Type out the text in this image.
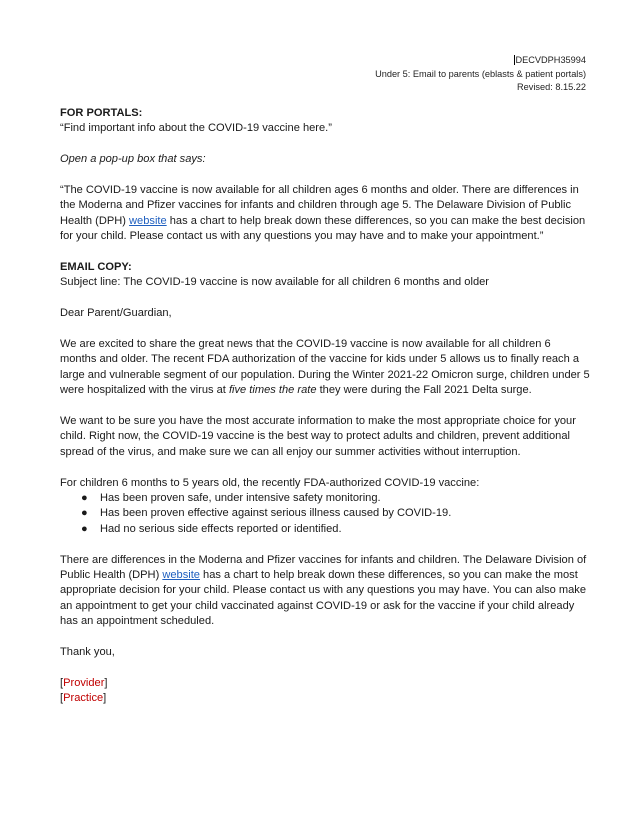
DECVDPH35994
Under 5: Email to parents (eblasts & patient portals)
Revised: 8.15.22

FOR PORTALS:

“Find important info about the COVID-19 vaccine here.”

Open a pop-up box that says:

“The COVID-19 vaccine is now available for all children ages 6 months and older. There are differences in the Moderna and Pfizer vaccines for infants and children through age 5. The Delaware Division of Public Health (DPH) website has a chart to help break down these differences, so you can make the best decision for your child. Please contact us with any questions you may have and to make your appointment.”

EMAIL COPY:

Subject line: The COVID-19 vaccine is now available for all children 6 months and older

Dear Parent/Guardian,

We are excited to share the great news that the COVID-19 vaccine is now available for all children 6 months and older. The recent FDA authorization of the vaccine for kids under 5 allows us to finally reach a large and vulnerable segment of our population. During the Winter 2021-22 Omicron surge, children under 5 were hospitalized with the virus at five times the rate they were during the Fall 2021 Delta surge.

We want to be sure you have the most accurate information to make the most appropriate choice for your child. Right now, the COVID-19 vaccine is the best way to protect adults and children, prevent additional spread of the virus, and make sure we can all enjoy our summer activities without interruption.

For children 6 months to 5 years old, the recently FDA-authorized COVID-19 vaccine:

●	Has been proven safe, under intensive safety monitoring.
●	Has been proven effective against serious illness caused by COVID-19.
●	Had no serious side effects reported or identified.

There are differences in the Moderna and Pfizer vaccines for infants and children. The Delaware Division of Public Health (DPH) website has a chart to help break down these differences, so you can make the most appropriate decision for your child. Please contact us with any questions you may have. You can also make an appointment to get your child vaccinated against COVID-19 or ask for the vaccine if your child already has an appointment scheduled.

Thank you,

[Provider]

[Practice]
